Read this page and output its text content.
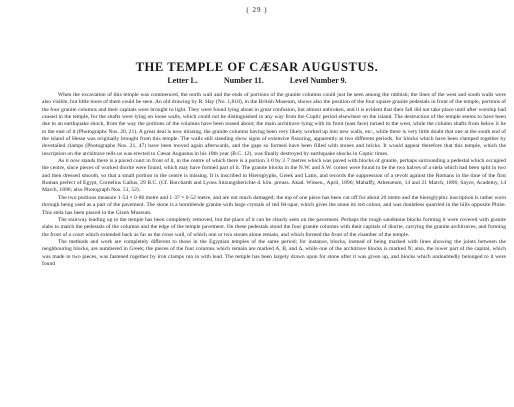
( 29 )
THE TEMPLE OF CÆSAR AUGUSTUS.
Letter L.	Number 11.	Level Number 9.

When the excavation of this temple was commenced, the north wall and the ends of portions of the granite columns could just be seen among the rubbish; the lines of the west and south walls were also visible, but little more of them could be seen. An old drawing by R. Hay (No. 1,810), in the British Museum, shows also the position of the four square granite pedestals in front of the temple, portions of the four granite columns and their capitals were brought to light. They were found lying about in great confusion, but almost unbroken, and it is evident that their fall did not take place until after worship had ceased in the temple, for the shafts were lying on loose walls, which could not be distinguished in any way from the Coptic period elsewhere on the island. The destruction of the temple seems to have been due to an earthquake shock, from the way the portions of the columns have been tossed about; the main architrave lying with its front (east face) turned to the west, while the column shafts from below it lie to the east of it (Photographs Nos. 20, 21). A great deal is now missing, the granite columns having been very likely worked up into new walls, etc., while there is very little doubt that one at the south end of the island of Hesse was originally brought from this temple. The walls still standing show signs of extensive fissuring, apparently at two different periods, for blocks which have been clamped together by dovetailed clamps (Photographs Nos. 21, 47) have been moved again afterwards, and the gaps so formed have been filled with stones and bricks. It would appear therefore that this temple, which the inscription on the architrave tells us was erected to Cæsar Augustus in his 18th year (B.C. 12), was finally destroyed by earthquake shocks in Coptic times.

As it now stands there is a paved court in front of it, in the centre of which there is a portion 3·0 by 2·7 metres which was paved with blocks of granite, perhaps surrounding a pedestal which occupied the centre, since pieces of worked diorite were found, which may have formed part of it. The granite blocks in the N.W. and S.W. corner were found to be the two halves of a stela which had been split in two and then dressed smooth, so that a small portion in the centre is missing. It is inscribed in Hieroglyphs, Greek and Latin, and records the suppression of a revolt against the Romans in the time of the first Roman prefect of Egypt, Cornelius Gallus, 29 B.C. (Cf. Borchardt and Lyons Sitzungsberichte d. kön. preuss. Akad. Wissen., April, 1896; Mahaffy, Athenæum, 14 and 21 March, 1896; Sayce, Academy, 14 March, 1896; also Photograph Nos. 51, 52).

The two portions measure 1·54 × 0·86 metre and 1·37 × 0·52 metre, and are not much damaged; the top of one piece has been cut off for about 20 metre and the hieroglyphic inscription is rather worn through being used as a part of the pavement. The stone is a hornblende granite with large crystals of red fel-spar, which gives the stone its red colour, and was doubtless quarried in the hills opposite Philæ. This stela has been placed in the Gizeh Museum.

The stairway leading up to the temple has been completely removed, but the place of it can be clearly seen on the pavement. Perhaps the rough sandstone blocks forming it were covered with granite slabs to match the pedestals of the columns and the edge of the temple pavement. On these pedestals stood the four granite columns with their capitals of diorite, carrying the granite architraves, and forming the front of a court which extended back as far as the cross wall, of which one or two stones alone remain, and which formed the front of the chamber of the temple.

The methods and work are completely different to those in the Egyptian temples of the same period; for instance, blocks, instead of being marked with lines showing the joints between the neighbouring blocks, are numbered in Greek; the pieces of the four columns which remain are marked A, B, and Δ, while one of the architrave blocks is marked Ν; also, the lower part of the capital, which was made in two pieces, was fastened together by iron clamps run in with lead. The temple has been largely drawn upon for stone after it was given up, and blocks which undoubtedly belonged to it were found
